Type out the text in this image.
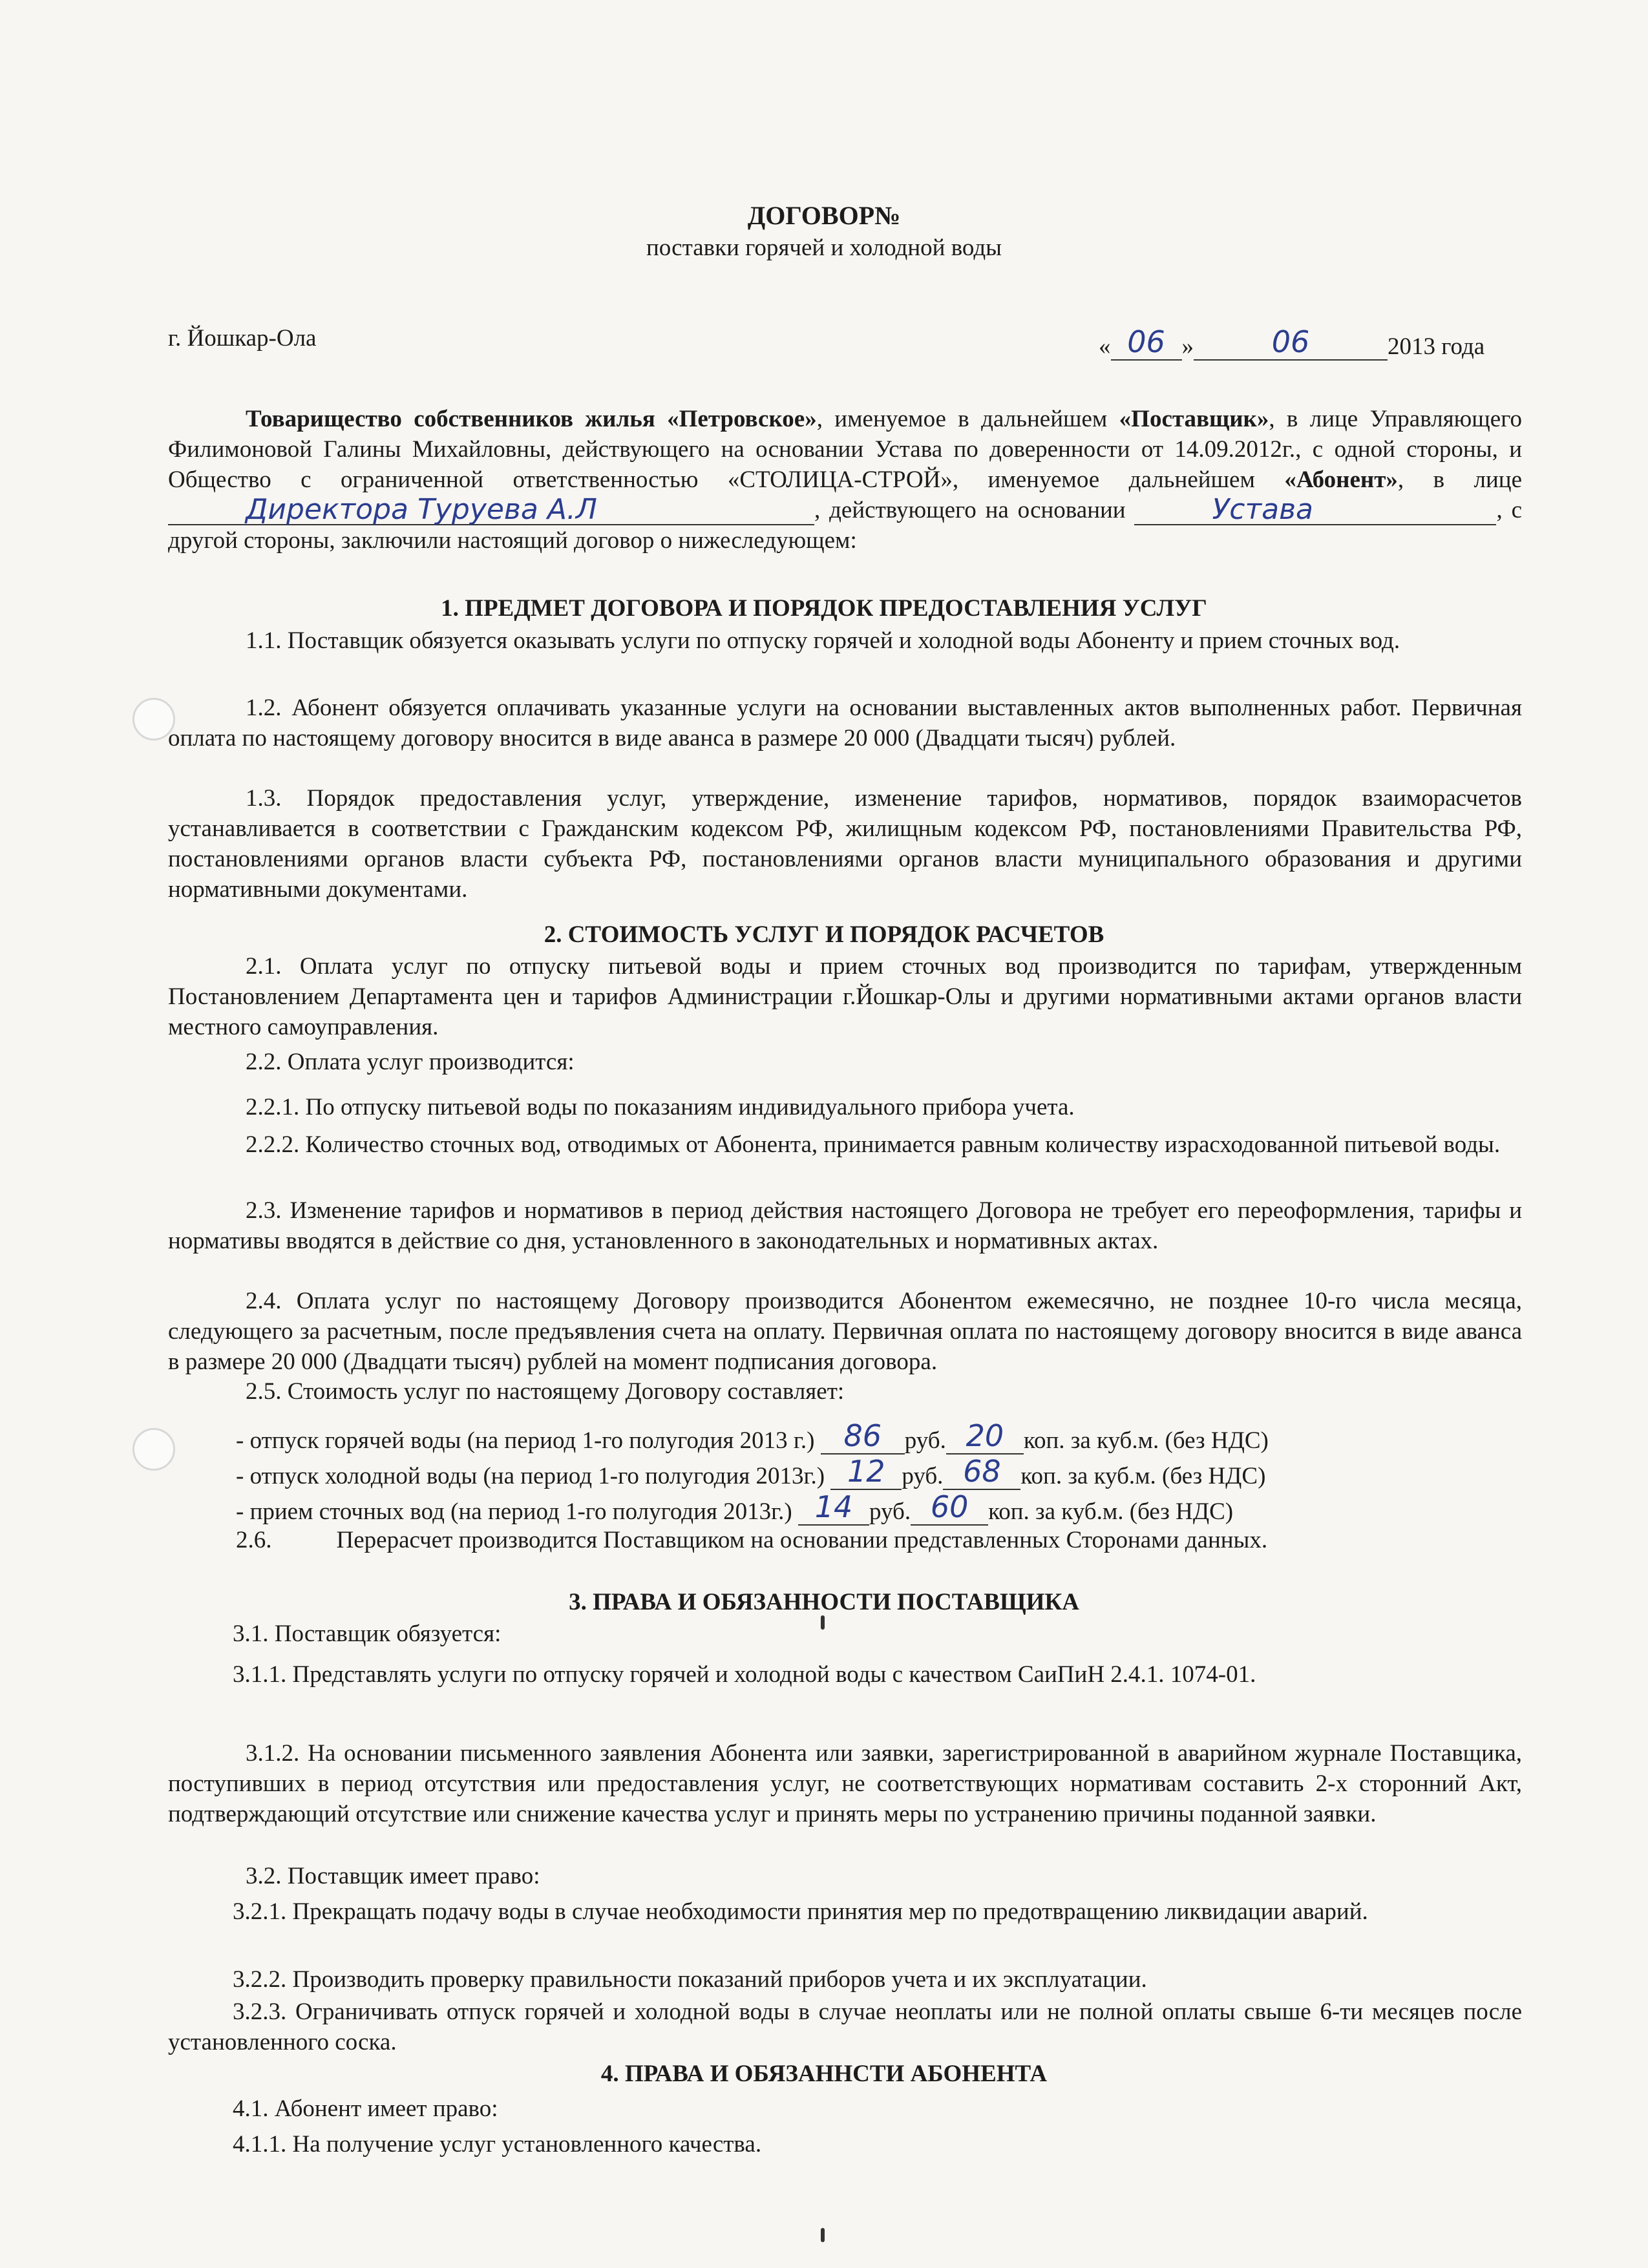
ДОГОВОР№
поставки горячей и холодной воды
г. Йошкар-Ола	« 06 »	06	2013 года
Товарищество собственников жилья «Петровское», именуемое в дальнейшем «Поставщик», в лице Управляющего Филимоновой Галины Михайловны, действующего на основании Устава по доверенности от 14.09.2012г., с одной стороны, и Общество с ограниченной ответственностью «СТОЛИЦА-СТРОЙ», именуемое дальнейшем «Абонент», в лице Директора Туруева А.Л	, действующего на основании	Устава	, с другой стороны, заключили настоящий договор о нижеследующем:
1. ПРЕДМЕТ ДОГОВОРА И ПОРЯДОК ПРЕДОСТАВЛЕНИЯ УСЛУГ
1.1. Поставщик обязуется оказывать услуги по отпуску горячей и холодной воды Абоненту и прием сточных вод.
1.2. Абонент обязуется оплачивать указанные услуги на основании выставленных актов выполненных работ. Первичная оплата по настоящему договору вносится в виде аванса в размере 20 000 (Двадцати тысяч) рублей.
1.3. Порядок предоставления услуг, утверждение, изменение тарифов, нормативов, порядок взаиморасчетов устанавливается в соответствии с Гражданским кодексом РФ, жилищным кодексом РФ, постановлениями Правительства РФ, постановлениями органов власти субъекта РФ, постановлениями органов власти муниципального образования и другими нормативными документами.
2. СТОИМОСТЬ УСЛУГ И ПОРЯДОК РАСЧЕТОВ
2.1. Оплата услуг по отпуску питьевой воды и прием сточных вод производится по тарифам, утвержденным Постановлением Департамента цен и тарифов Администрации г.Йошкар-Олы и другими нормативными актами органов власти местного самоуправления.
2.2. Оплата услуг производится:
2.2.1. По отпуску питьевой воды по показаниям индивидуального прибора учета.
2.2.2. Количество сточных вод, отводимых от Абонента, принимается равным количеству израсходованной питьевой воды.
2.3. Изменение тарифов и нормативов в период действия настоящего Договора не требует его переоформления, тарифы и нормативы вводятся в действие со дня, установленного в законодательных и нормативных актах.
2.4. Оплата услуг по настоящему Договору производится Абонентом ежемесячно, не позднее 10-го числа месяца, следующего за расчетным, после предъявления счета на оплату. Первичная оплата по настоящему договору вносится в виде аванса в размере 20 000 (Двадцати тысяч) рублей на момент подписания договора.
2.5. Стоимость услуг по настоящему Договору составляет:
- отпуск горячей воды (на период 1-го полугодия 2013 г.) 86 руб. 20 коп. за куб.м. (без НДС)
- отпуск холодной воды (на период 1-го полугодия 2013г.) 12 руб. 68 коп. за куб.м. (без НДС)
- прием сточных вод (на период 1-го полугодия 2013г.) 14 руб. 60 коп. за куб.м. (без НДС)
2.6.	Перерасчет производится Поставщиком на основании представленных Сторонами данных.
3. ПРАВА И ОБЯЗАННОСТИ ПОСТАВЩИКА
3.1. Поставщик обязуется:
3.1.1. Представлять услуги по отпуску горячей и холодной воды с качеством СаиПиН 2.4.1. 1074-01.
3.1.2. На основании письменного заявления Абонента или заявки, зарегистрированной в аварийном журнале Поставщика, поступивших в период отсутствия или предоставления услуг, не соответствующих нормативам составить 2-х сторонний Акт, подтверждающий отсутствие или снижение качества услуг и принять меры по устранению причины поданной заявки.
3.2. Поставщик имеет право:
3.2.1. Прекращать подачу воды в случае необходимости принятия мер по предотвращению ликвидации аварий.
3.2.2. Производить проверку правильности показаний приборов учета и их эксплуатации.
3.2.3. Ограничивать отпуск горячей и холодной воды в случае неоплаты или не полной оплаты свыше 6-ти месяцев после установленного соска.
4. ПРАВА И ОБЯЗАННСТИ АБОНЕНТА
4.1. Абонент имеет право:
4.1.1. На получение услуг установленного качества.
